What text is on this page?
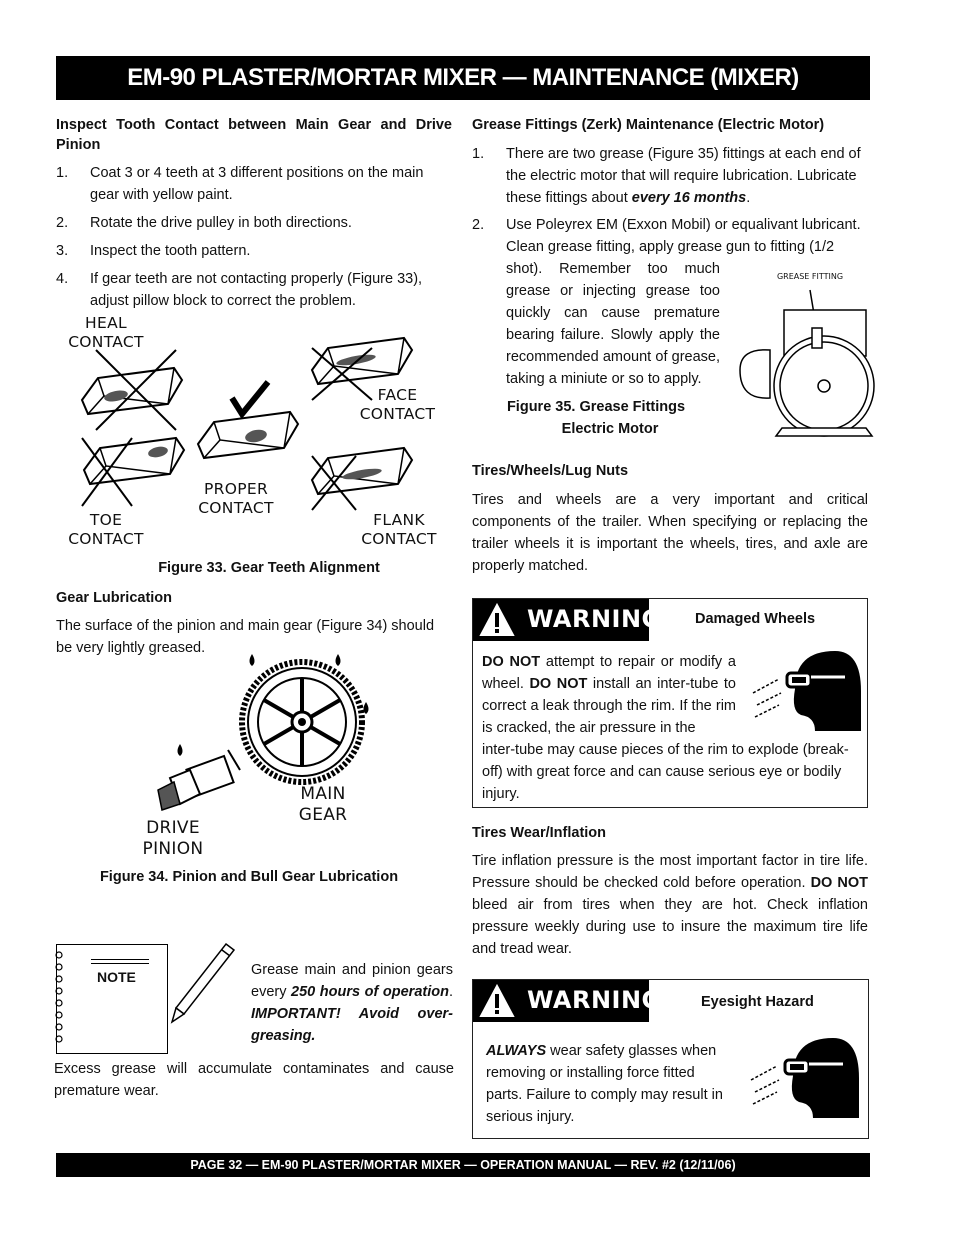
EM-90 PLASTER/MORTAR MIXER — MAINTENANCE (MIXER)
Inspect Tooth Contact between Main Gear and Drive Pinion
1. Coat 3 or 4 teeth at 3 different positions on the main gear with yellow paint.
2. Rotate the drive pulley in both directions.
3. Inspect the tooth pattern.
4. If gear teeth are not contacting properly (Figure 33), adjust pillow block to correct the problem.
HEAL CONTACT
FACE CONTACT
PROPER CONTACT
TOE CONTACT
FLANK CONTACT
Figure 33. Gear Teeth Alignment
Gear Lubrication
The surface of the pinion and main gear (Figure 34) should be very lightly greased.
MAIN GEAR
DRIVE PINION
Figure 34. Pinion and Bull Gear Lubrication
NOTE	Grease main and pinion gears every 250 hours of operation. IMPORTANT! Avoid over-greasing.
Excess grease will accumulate contaminates and cause premature wear.
Grease Fittings (Zerk) Maintenance (Electric Motor)
1.	There are two grease (Figure 35) fittings at each end of the electric motor that will require lubrication. Lubricate these fittings about every 16 months.
2.	Use Poleyrex EM (Exxon Mobil) or equalivant lubricant. Clean grease fitting, apply grease gun to fitting (1/2
shot). Remember too much grease or injecting grease too quickly can cause premature bearing failure. Slowly apply the recommended amount of grease, taking a miniute or so to apply.
GREASE FITTING
Figure 35. Grease Fittings
Electric Motor
Tires/Wheels/Lug Nuts
Tires and wheels are a very important and critical components of the trailer. When specifying or replacing the trailer wheels it is important the wheels, tires, and axle are properly matched.
WARNING Damaged Wheels
DO NOT attempt to repair or modify a wheel. DO NOT install an inter-tube to correct a leak through the rim. If the rim is cracked, the air pressure in the
inter-tube may cause pieces of the rim to explode (break-off) with great force and can cause serious eye or bodily injury.
Tires Wear/Inflation
Tire inflation pressure is the most important factor in tire life. Pressure should be checked cold before operation. DO NOT bleed air from tires when they are hot. Check inflation pressure weekly during use to insure the maximum tire life and tread wear.
WARNING	Eyesight Hazard
ALWAYS wear safety glasses when removing or installing force fitted parts. Failure to comply may result in serious injury.
PAGE 32 — EM-90 PLASTER/MORTAR MIXER — OPERATION MANUAL — REV. #2 (12/11/06)
